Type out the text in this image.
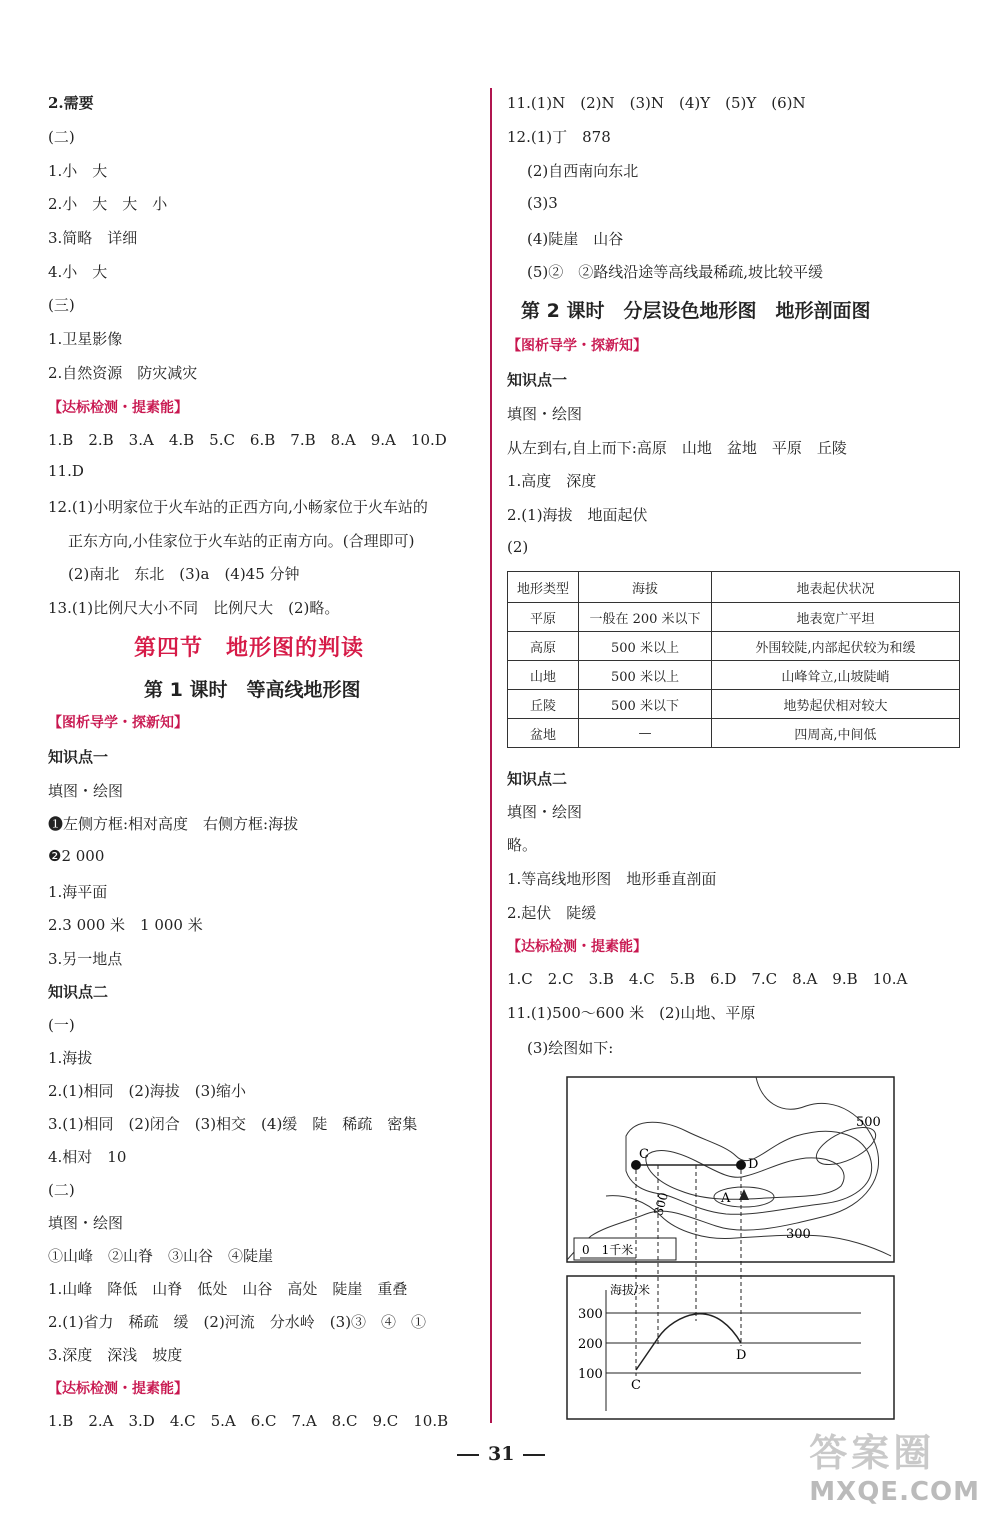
2.需要
(二)
1.小　大
2.小　大　大　小
3.简略　详细
4.小　大
(三)
1.卫星影像
2.自然资源　防灾减灾
【达标检测・提素能】
1.B　2.B　3.A　4.B　5.C　6.B　7.B　8.A　9.A　10.D
11.D
12.(1)小明家位于火车站的正西方向,小畅家位于火车站的
正东方向,小佳家位于火车站的正南方向。(合理即可)
(2)南北　东北　(3)a　(4)45 分钟
13.(1)比例尺大小不同　比例尺大　(2)略。
第四节　地形图的判读
第 1 课时　等高线地形图
【图析导学・探新知】
知识点一
填图・绘图
❶左侧方框:相对高度　右侧方框:海拔
❷2 000
1.海平面
2.3 000 米　1 000 米
3.另一地点
知识点二
(一)
1.海拔
2.(1)相同　(2)海拔　(3)缩小
3.(1)相同　(2)闭合　(3)相交　(4)缓　陡　稀疏　密集
4.相对　10
(二)
填图・绘图
①山峰　②山脊　③山谷　④陡崖
1.山峰　降低　山脊　低处　山谷　高处　陡崖　重叠
2.(1)省力　稀疏　缓　(2)河流　分水岭　(3)③　④　①
3.深度　深浅　坡度
【达标检测・提素能】
1.B　2.A　3.D　4.C　5.A　6.C　7.A　8.C　9.C　10.B
11.(1)N　(2)N　(3)N　(4)Y　(5)Y　(6)N
12.(1)丁　878
(2)自西南向东北
(3)3
(4)陡崖　山谷
(5)②　②路线沿途等高线最稀疏,坡比较平缓
第 2 课时　分层设色地形图　地形剖面图
【图析导学・探新知】
知识点一
填图・绘图
从左到右,自上而下:高原　山地　盆地　平原　丘陵
1.高度　深度
2.(1)海拔　地面起伏
(2)
知识点二
填图・绘图
略。
1.等高线地形图　地形垂直剖面
2.起伏　陡缓
【达标检测・提素能】
1.C　2.C　3.B　4.C　5.B　6.D　7.C　8.A　9.B　10.A
11.(1)500～600 米　(2)山地、平原
(3)绘图如下:
地形类型	海拔	地表起伏状况
平原	一般在 200 米以下	地表宽广平坦
高原	500 米以上	外围较陡,内部起伏较为和缓
山地	500 米以上	山峰耸立,山坡陡峭
丘陵	500 米以下	地势起伏相对较大
盆地	—	四周高,中间低
C
D
500
300
300
A
0　1千米
海拔/米
300
200
100
C
D
31	答案圈
MXQE.COM
